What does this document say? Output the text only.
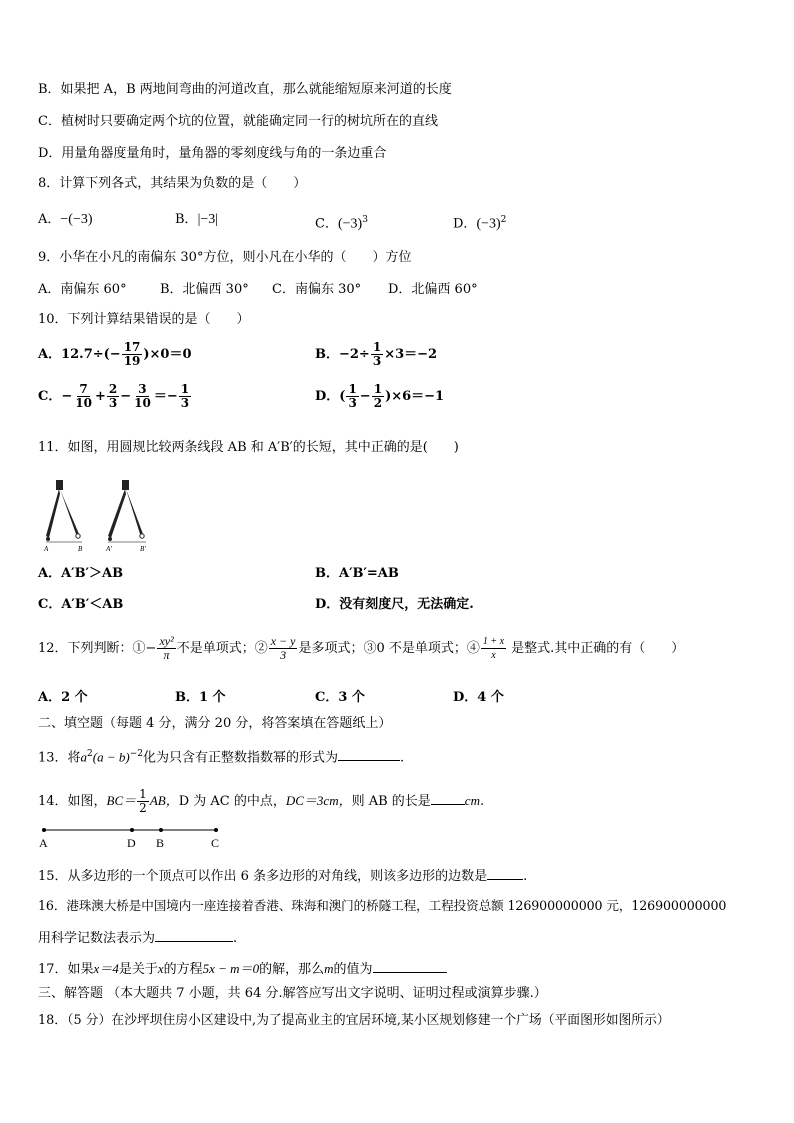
B．如果把 A，B 两地间弯曲的河道改直，那么就能缩短原来河道的长度
C．植树时只要确定两个坑的位置，就能确定同一行的树坑所在的直线
D．用量角器度量角时，量角器的零刻度线与角的一条边重合
8．计算下列各式，其结果为负数的是（　　）
A．−(−3)	B．|−3|	C．$(-3)^3$	D．$(-3)^2$
9．小华在小凡的南偏东 30°方位，则小凡在小华的（　　）方位
A．南偏东 60°	B．北偏西 30° C．南偏东 30° D．北偏西 60°
10．下列计算结果错误的是（　　）
A．$12.7\div(- \frac{17}{19} )\times 0=0$	B．$-2\div \frac{1}{3} \times 3=-2$
C．− $\frac{7}{10} + \frac{2}{3} - \frac{3}{10} =- \frac{1}{3}$	D．( $\frac{1}{3} - \frac{1}{2} )\times 6=-1$
11．如图，用圆规比较两条线段 AB 和 A′B′的长短，其中正确的是(　　)
A	B	A′	B′
A．A′B′＞AB	B．A′B′=AB
C．A′B′＜AB	D．没有刻度尺，无法确定.
12．下列判断：①− $\frac{\text{xy²}}{\pi}$ 不是单项式；② $\frac{x - y}{3}$ 是多项式；③0 不是单项式；④ $\frac{1 + x}{x}$ 是整式.其中正确的有（　　）
A．2 个	B．1 个	C．3 个	D．4 个
二、填空题（每题 4 分，满分 20 分，将答案填在答题纸上）
13．将$a^2(a - b)^{-2}$化为只含有正整数指数幂的形式为	.
14．如图，$BC= \frac{1}{2}$ AB，D 为 AC 的中点，DC＝3cm，则 AB 的长是	cm.
A	D B	C
15．从多边形的一个顶点可以作出 6 条多边形的对角线，则该多边形的边数是	.
16．港珠澳大桥是中国境内一座连接着香港、珠海和澳门的桥隧工程，工程投资总额 126900000000 元，126900000000
用科学记数法表示为	.
17．如果x＝4是关于x的方程5x − m＝0的解，那么m的值为
三、解答题 （本大题共 7 小题，共 64 分.解答应写出文字说明、证明过程或演算步骤.）
18．（5 分）在沙坪坝住房小区建设中,为了提高业主的宜居环境,某小区规划修建一个广场（平面图形如图所示）
